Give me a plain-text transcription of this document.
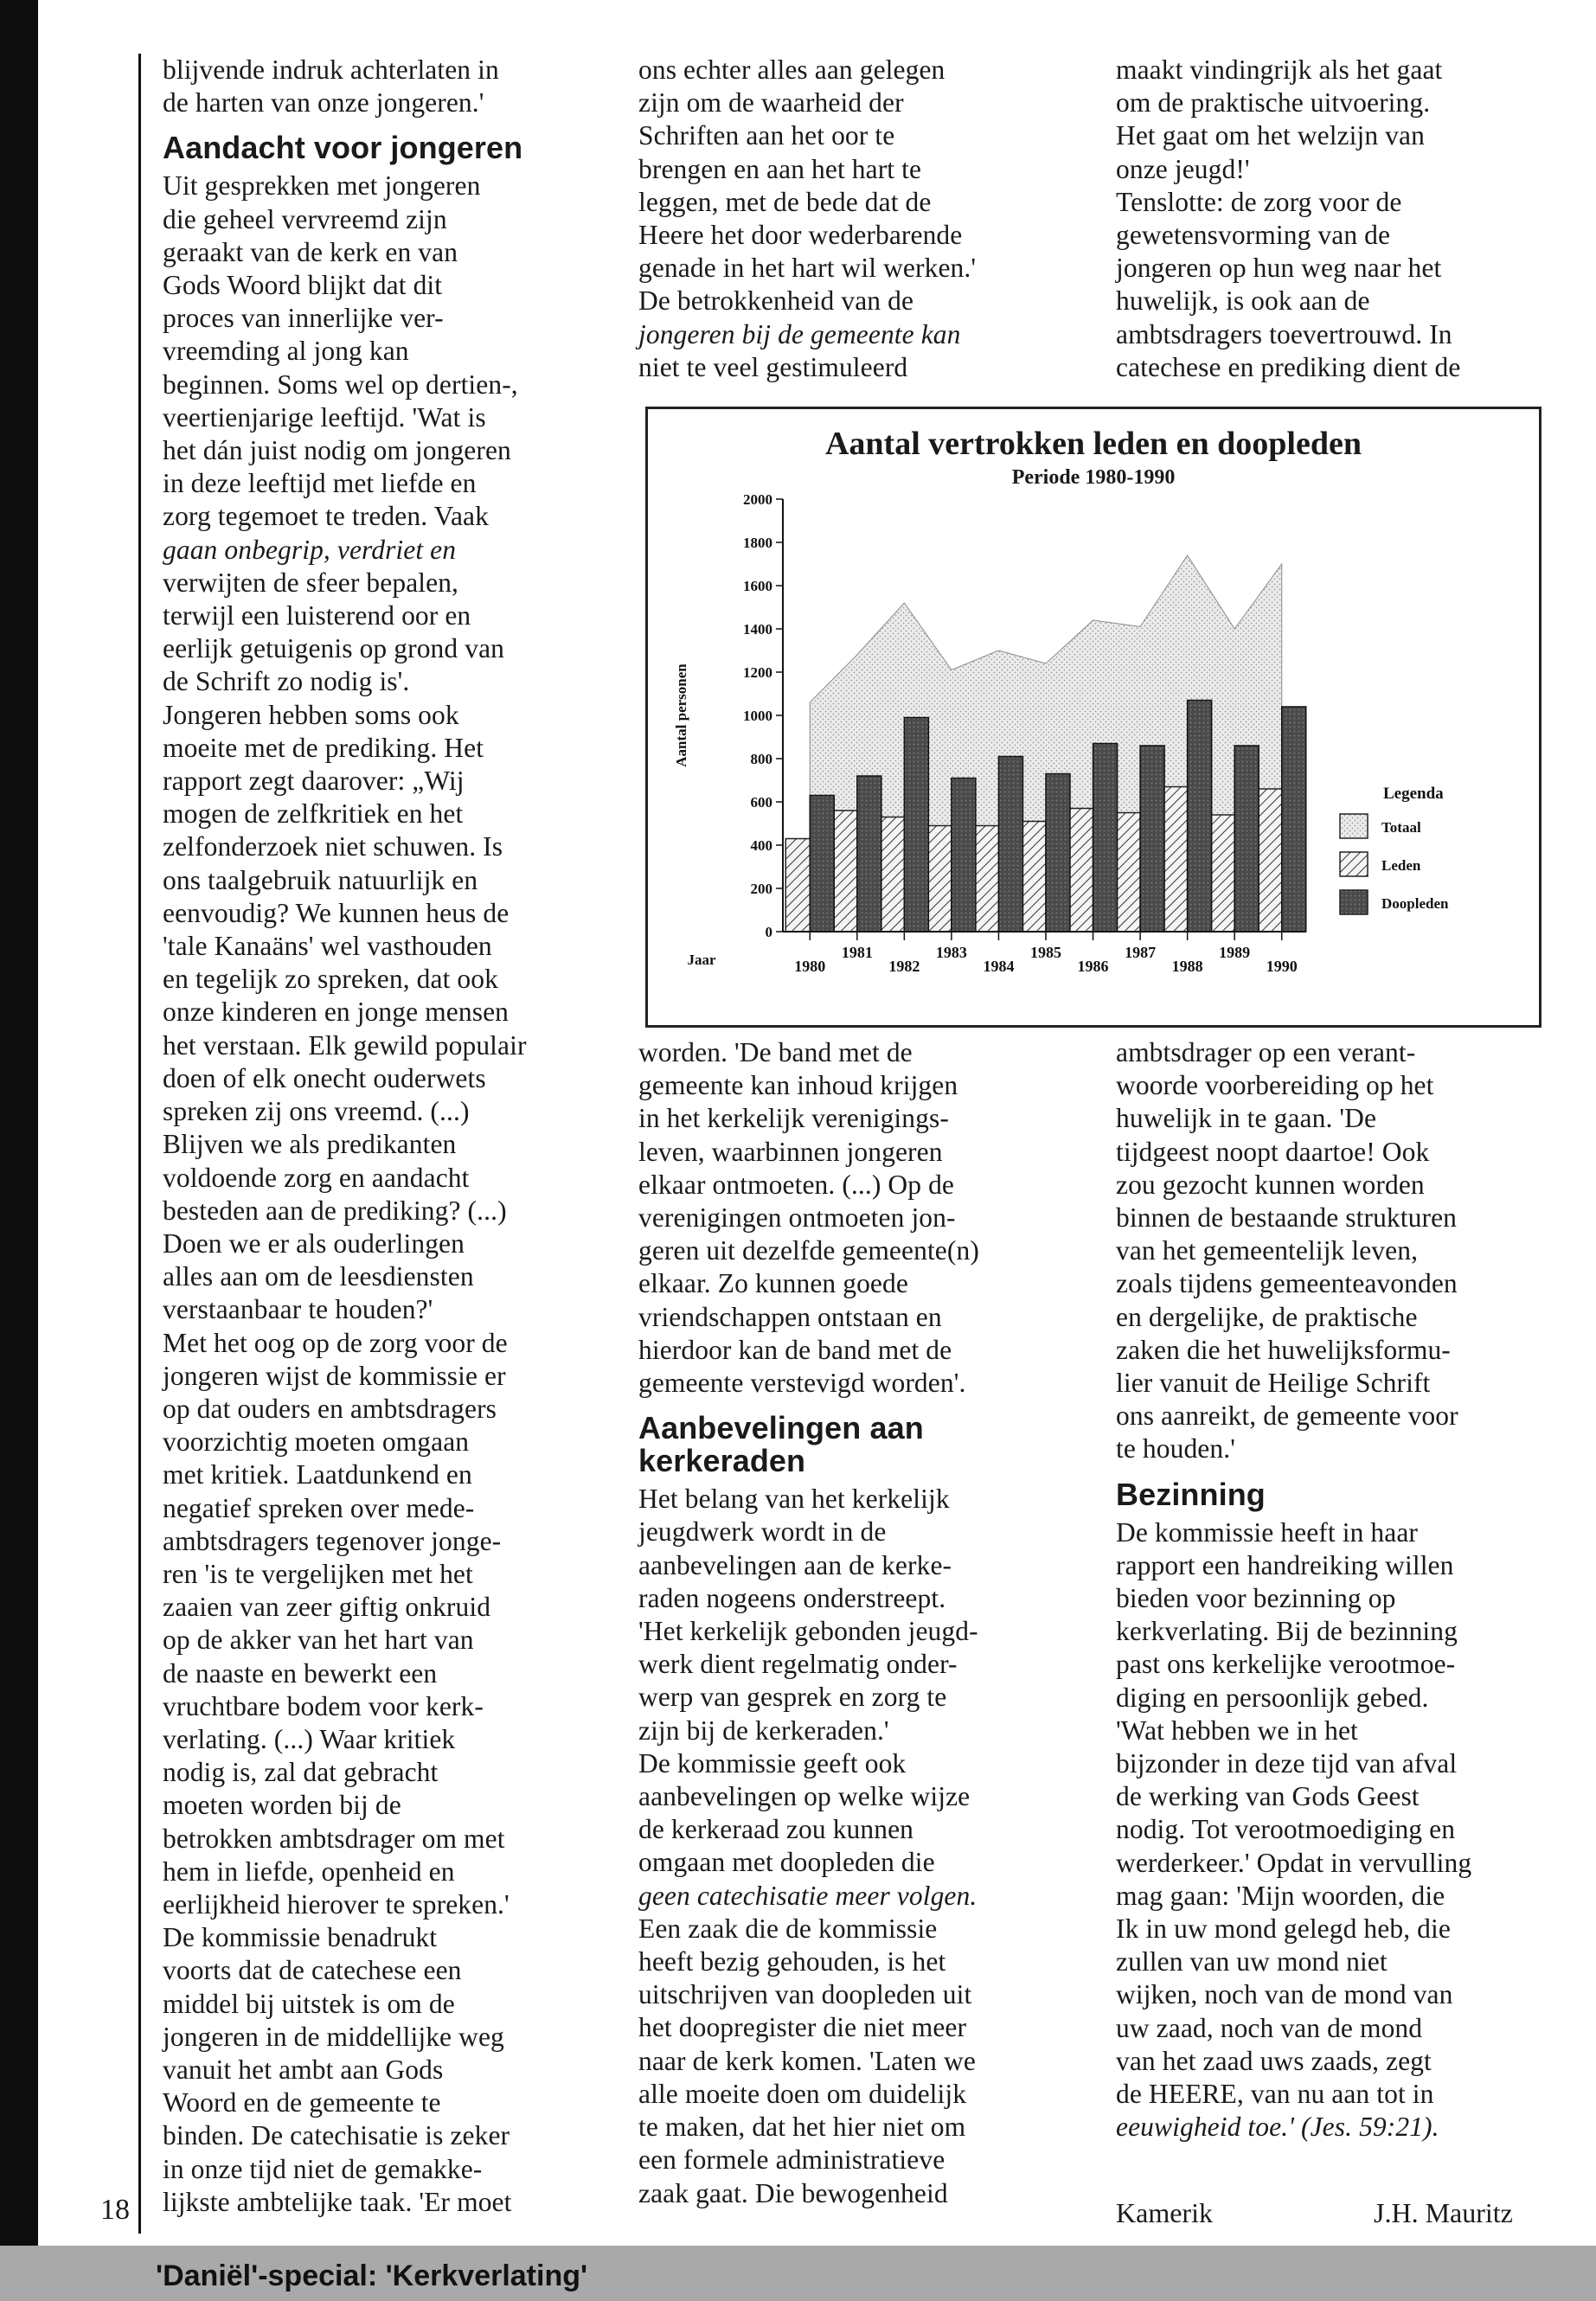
blijvende indruk achterlaten in

de harten van onze jongeren.'

Aandacht voor jongeren

Uit gesprekken met jongeren

die geheel vervreemd zijn

geraakt van de kerk en van

Gods Woord blijkt dat dit

proces van innerlijke ver-

vreemding al jong kan

beginnen. Soms wel op dertien-,

veertienjarige leeftijd. 'Wat is

het dán juist nodig om jongeren

in deze leeftijd met liefde en

zorg tegemoet te treden. Vaak

gaan onbegrip, verdriet en

verwijten de sfeer bepalen,

terwijl een luisterend oor en

eerlijk getuigenis op grond van

de Schrift zo nodig is'.

Jongeren hebben soms ook

moeite met de prediking. Het

rapport zegt daarover: „Wij

mogen de zelfkritiek en het

zelfonderzoek niet schuwen. Is

ons taalgebruik natuurlijk en

eenvoudig? We kunnen heus de

'tale Kanaäns' wel vasthouden

en tegelijk zo spreken, dat ook

onze kinderen en jonge mensen

het verstaan. Elk gewild populair

doen of elk onecht ouderwets

spreken zij ons vreemd. (...)

Blijven we als predikanten

voldoende zorg en aandacht

besteden aan de prediking? (...)

Doen we er als ouderlingen

alles aan om de leesdiensten

verstaanbaar te houden?'

Met het oog op de zorg voor de

jongeren wijst de kommissie er

op dat ouders en ambtsdragers

voorzichtig moeten omgaan

met kritiek. Laatdunkend en

negatief spreken over mede-

ambtsdragers tegenover jonge-

ren 'is te vergelijken met het

zaaien van zeer giftig onkruid

op de akker van het hart van

de naaste en bewerkt een

vruchtbare bodem voor kerk-

verlating. (...) Waar kritiek

nodig is, zal dat gebracht

moeten worden bij de

betrokken ambtsdrager om met

hem in liefde, openheid en

eerlijkheid hierover te spreken.'

De kommissie benadrukt

voorts dat de catechese een

middel bij uitstek is om de

jongeren in de middellijke weg

vanuit het ambt aan Gods

Woord en de gemeente te

binden. De catechisatie is zeker

in onze tijd niet de gemakke-

lijkste ambtelijke taak. 'Er moet

ons echter alles aan gelegen

zijn om de waarheid der

Schriften aan het oor te

brengen en aan het hart te

leggen, met de bede dat de

Heere het door wederbarende

genade in het hart wil werken.'

De betrokkenheid van de

jongeren bij de gemeente kan

niet te veel gestimuleerd

maakt vindingrijk als het gaat

om de praktische uitvoering.

Het gaat om het welzijn van

onze jeugd!'

Tenslotte: de zorg voor de

gewetensvorming van de

jongeren op hun weg naar het

huwelijk, is ook aan de

ambtsdragers toevertrouwd. In

catechese en prediking dient de

Aantal vertrokken leden en doopleden
Periode 1980-1990
0
200
400
600
800
1000
1200
1400
1600
1800
2000
1980
1981
1982
1983
1984
1985
1986
1987
1988
1989
1990
Jaar
Aantal personen
Legenda
Totaal
Leden
Doopleden

worden. 'De band met de

gemeente kan inhoud krijgen

in het kerkelijk verenigings-

leven, waarbinnen jongeren

elkaar ontmoeten. (...) Op de

verenigingen ontmoeten jon-

geren uit dezelfde gemeente(n)

elkaar. Zo kunnen goede

vriendschappen ontstaan en

hierdoor kan de band met de

gemeente verstevigd worden'.

Aanbevelingen aan
kerkeraden

Het belang van het kerkelijk

jeugdwerk wordt in de

aanbevelingen aan de kerke-

raden nogeens onderstreept.

'Het kerkelijk gebonden jeugd-

werk dient regelmatig onder-

werp van gesprek en zorg te

zijn bij de kerkeraden.'

De kommissie geeft ook

aanbevelingen op welke wijze

de kerkeraad zou kunnen

omgaan met doopleden die

geen catechisatie meer volgen.

Een zaak die de kommissie

heeft bezig gehouden, is het

uitschrijven van doopleden uit

het doopregister die niet meer

naar de kerk komen. 'Laten we

alle moeite doen om duidelijk

te maken, dat het hier niet om

een formele administratieve

zaak gaat. Die bewogenheid

ambtsdrager op een verant-

woorde voorbereiding op het

huwelijk in te gaan. 'De

tijdgeest noopt daartoe! Ook

zou gezocht kunnen worden

binnen de bestaande strukturen

van het gemeentelijk leven,

zoals tijdens gemeenteavonden

en dergelijke, de praktische

zaken die het huwelijksformu-

lier vanuit de Heilige Schrift

ons aanreikt, de gemeente voor

te houden.'

Bezinning

De kommissie heeft in haar

rapport een handreiking willen

bieden voor bezinning op

kerkverlating. Bij de bezinning

past ons kerkelijke verootmoe-

diging en persoonlijk gebed.

'Wat hebben we in het

bijzonder in deze tijd van afval

de werking van Gods Geest

nodig. Tot verootmoediging en

werderkeer.' Opdat in vervulling

mag gaan: 'Mijn woorden, die

Ik in uw mond gelegd heb, die

zullen van uw mond niet

wijken, noch van de mond van

uw zaad, noch van de mond

van het zaad uws zaads, zegt

de HEERE, van nu aan tot in

eeuwigheid toe.' (Jes. 59:21).

18	Kamerik	J.H. Mauritz
'Daniël'-special: 'Kerkverlating'
